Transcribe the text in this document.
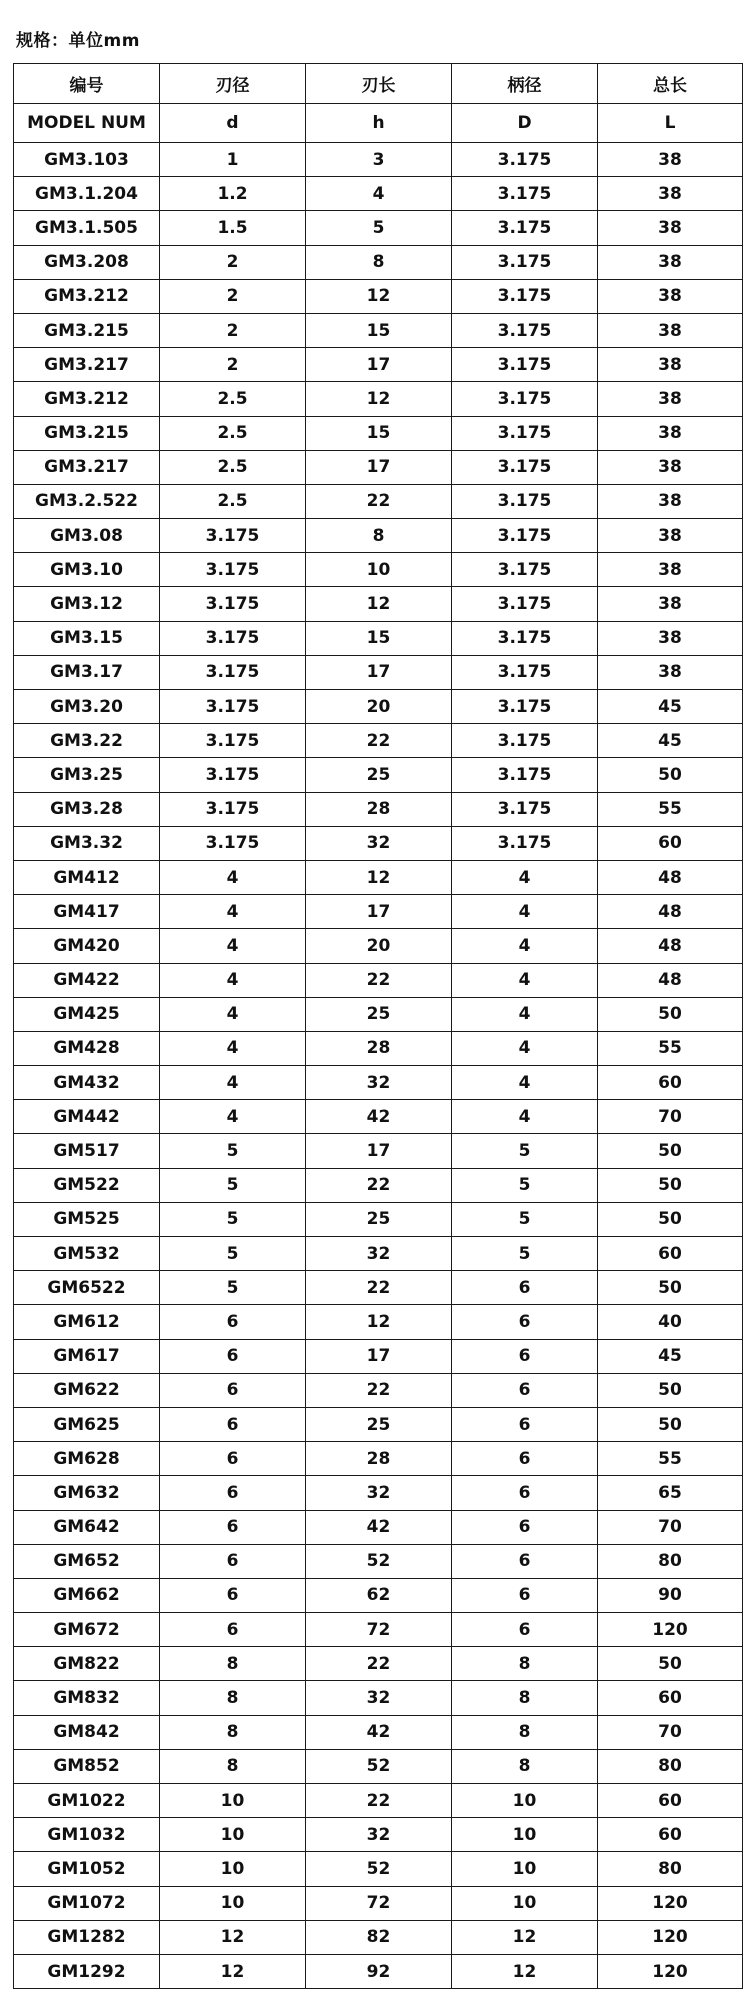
规格：单位mm
编号	刃径	刃长	柄径	总长
MODEL NUM	d	h	D	L
GM3.103	1	3	3.175	38
GM3.1.204	1.2	4	3.175	38
GM3.1.505	1.5	5	3.175	38
GM3.208	2	8	3.175	38
GM3.212	2	12	3.175	38
GM3.215	2	15	3.175	38
GM3.217	2	17	3.175	38
GM3.212	2.5	12	3.175	38
GM3.215	2.5	15	3.175	38
GM3.217	2.5	17	3.175	38
GM3.2.522	2.5	22	3.175	38
GM3.08	3.175	8	3.175	38
GM3.10	3.175	10	3.175	38
GM3.12	3.175	12	3.175	38
GM3.15	3.175	15	3.175	38
GM3.17	3.175	17	3.175	38
GM3.20	3.175	20	3.175	45
GM3.22	3.175	22	3.175	45
GM3.25	3.175	25	3.175	50
GM3.28	3.175	28	3.175	55
GM3.32	3.175	32	3.175	60
GM412	4	12	4	48
GM417	4	17	4	48
GM420	4	20	4	48
GM422	4	22	4	48
GM425	4	25	4	50
GM428	4	28	4	55
GM432	4	32	4	60
GM442	4	42	4	70
GM517	5	17	5	50
GM522	5	22	5	50
GM525	5	25	5	50
GM532	5	32	5	60
GM6522	5	22	6	50
GM612	6	12	6	40
GM617	6	17	6	45
GM622	6	22	6	50
GM625	6	25	6	50
GM628	6	28	6	55
GM632	6	32	6	65
GM642	6	42	6	70
GM652	6	52	6	80
GM662	6	62	6	90
GM672	6	72	6	120
GM822	8	22	8	50
GM832	8	32	8	60
GM842	8	42	8	70
GM852	8	52	8	80
GM1022	10	22	10	60
GM1032	10	32	10	60
GM1052	10	52	10	80
GM1072	10	72	10	120
GM1282	12	82	12	120
GM1292	12	92	12	120
